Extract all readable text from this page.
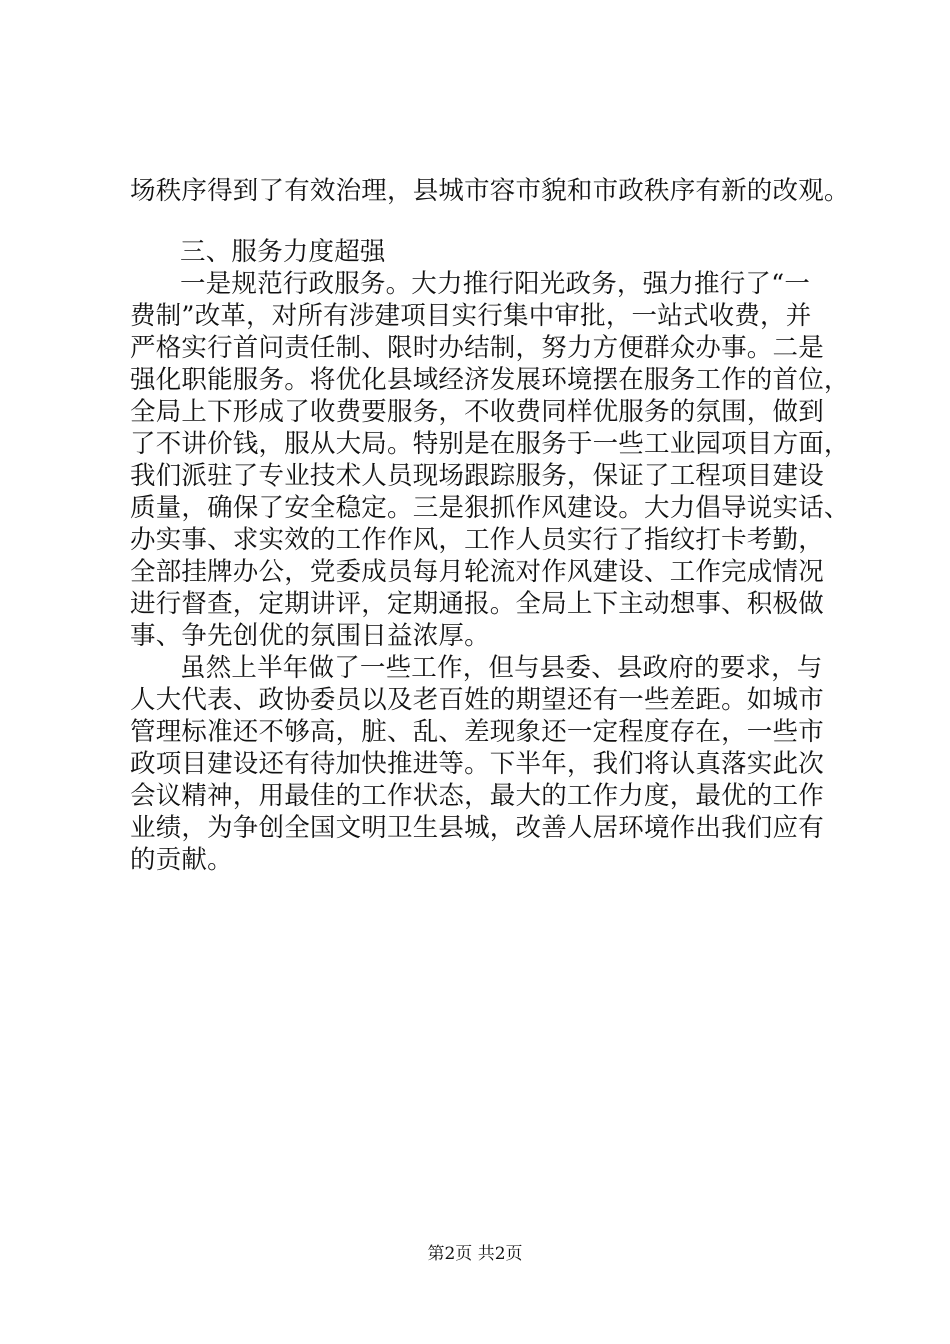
场秩序得到了有效治理，县城市容市貌和市政秩序有新的改观。
三、服务力度超强
一是规范行政服务。大力推行阳光政务，强力推行了“一
费制”改革，对所有涉建项目实行集中审批，一站式收费，并
严格实行首问责任制、限时办结制，努力方便群众办事。二是
强化职能服务。将优化县域经济发展环境摆在服务工作的首位，
全局上下形成了收费要服务，不收费同样优服务的氛围，做到
了不讲价钱，服从大局。特别是在服务于一些工业园项目方面，
我们派驻了专业技术人员现场跟踪服务，保证了工程项目建设
质量，确保了安全稳定。三是狠抓作风建设。大力倡导说实话、
办实事、求实效的工作作风，工作人员实行了指纹打卡考勤，
全部挂牌办公，党委成员每月轮流对作风建设、工作完成情况
进行督查，定期讲评，定期通报。全局上下主动想事、积极做
事、争先创优的氛围日益浓厚。
虽然上半年做了一些工作，但与县委、县政府的要求，与
人大代表、政协委员以及老百姓的期望还有一些差距。如城市
管理标准还不够高，脏、乱、差现象还一定程度存在，一些市
政项目建设还有待加快推进等。下半年，我们将认真落实此次
会议精神，用最佳的工作状态，最大的工作力度，最优的工作
业绩，为争创全国文明卫生县城，改善人居环境作出我们应有
的贡献。
第2页 共2页
